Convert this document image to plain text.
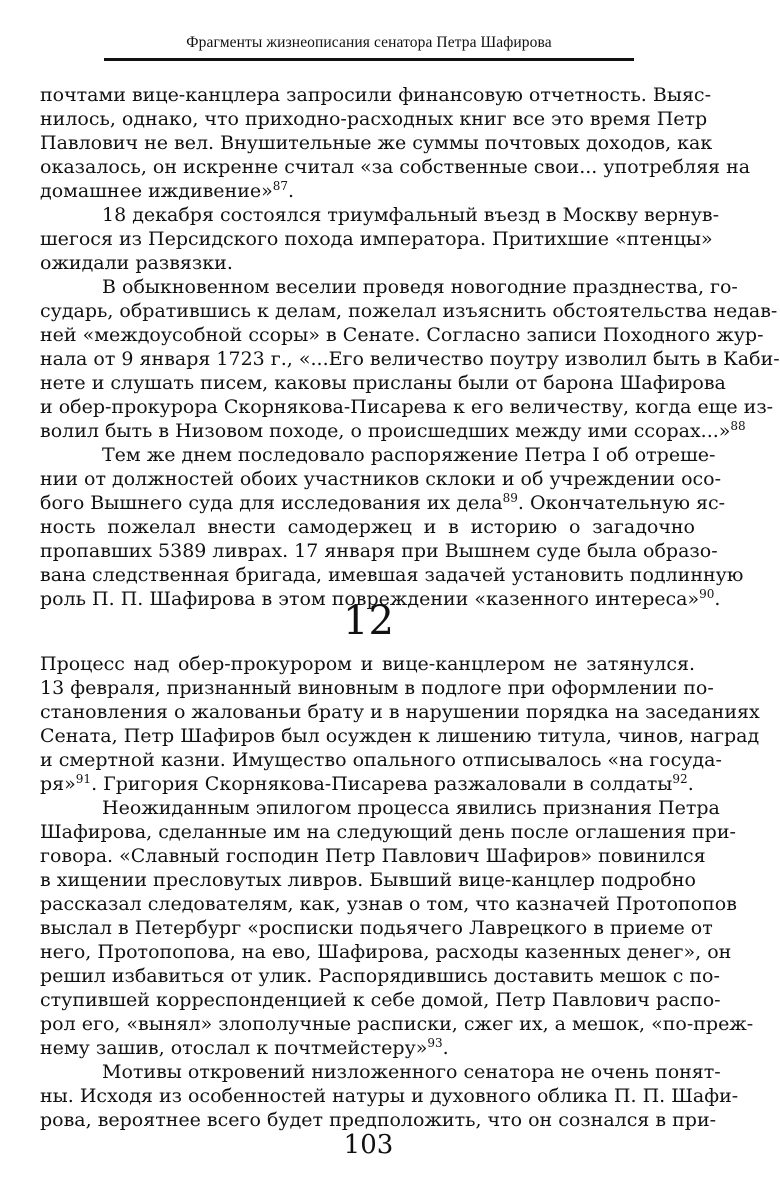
Фрагменты жизнеописания сенатора Петра Шафирова
почтами вице-канцлера запросили финансовую отчетность. Выяс-
нилось, однако, что приходно-расходных книг все это время Петр
Павлович не вел. Внушительные же суммы почтовых доходов, как
оказалось, он искренне считал «за собственные свои... употребляя на
домашнее иждивение»$^{87}$.
18 декабря состоялся триумфальный въезд в Москву вернув-
шегося из Персидского похода императора. Притихшие «птенцы»
ожидали развязки.
В обыкновенном веселии проведя новогодние празднества, го-
сударь, обратившись к делам, пожелал изъяснить обстоятельства недав-
ней «междоусобной ссоры» в Сенате. Согласно записи Походного жур-
нала от 9 января 1723 г., «...Его величество поутру изволил быть в Каби-
нете и слушать писем, каковы присланы были от барона Шафирова
и обер-прокурора Скорнякова-Писарева к его величеству, когда еще из-
волил быть в Низовом походе, о происшедших между ими ссорах...»$^{88}$
Тем же днем последовало распоряжение Петра I об отреше-
нии от должностей обоих участников склоки и об учреждении осо-
бого Вышнего суда для исследования их дела$^{89}$. Окончательную яс-
ность пожелал внести самодержец и в историю о загадочно
пропавших 5389 ливрах. 17 января при Вышнем суде была образо-
вана следственная бригада, имевшая задачей установить подлинную
роль П. П. Шафирова в этом повреждении «казенного интереса»$^{90}$.
12
Процесс над обер-прокурором и вице-канцлером не затянулся.
13 февраля, признанный виновным в подлоге при оформлении по-
становления о жалованьи брату и в нарушении порядка на заседаниях
Сената, Петр Шафиров был осужден к лишению титула, чинов, наград
и смертной казни. Имущество опального отписывалось «на госуда-
ря»$^{91}$. Григория Скорнякова-Писарева разжаловали в солдаты$^{92}$.
Неожиданным эпилогом процесса явились признания Петра
Шафирова, сделанные им на следующий день после оглашения при-
говора. «Славный господин Петр Павлович Шафиров» повинился
в хищении пресловутых ливров. Бывший вице-канцлер подробно
рассказал следователям, как, узнав о том, что казначей Протопопов
выслал в Петербург «росписки подьячего Лаврецкого в приеме от
него, Протопопова, на ево, Шафирова, расходы казенных денег», он
решил избавиться от улик. Распорядившись доставить мешок с по-
ступившей корреспонденцией к себе домой, Петр Павлович распо-
рол его, «вынял» злополучные расписки, сжег их, а мешок, «по-преж-
нему зашив, отослал к почтмейстеру»$^{93}$.
Мотивы откровений низложенного сенатора не очень понят-
ны. Исходя из особенностей натуры и духовного облика П. П. Шафи-
рова, вероятнее всего будет предположить, что он сознался в при-
103
